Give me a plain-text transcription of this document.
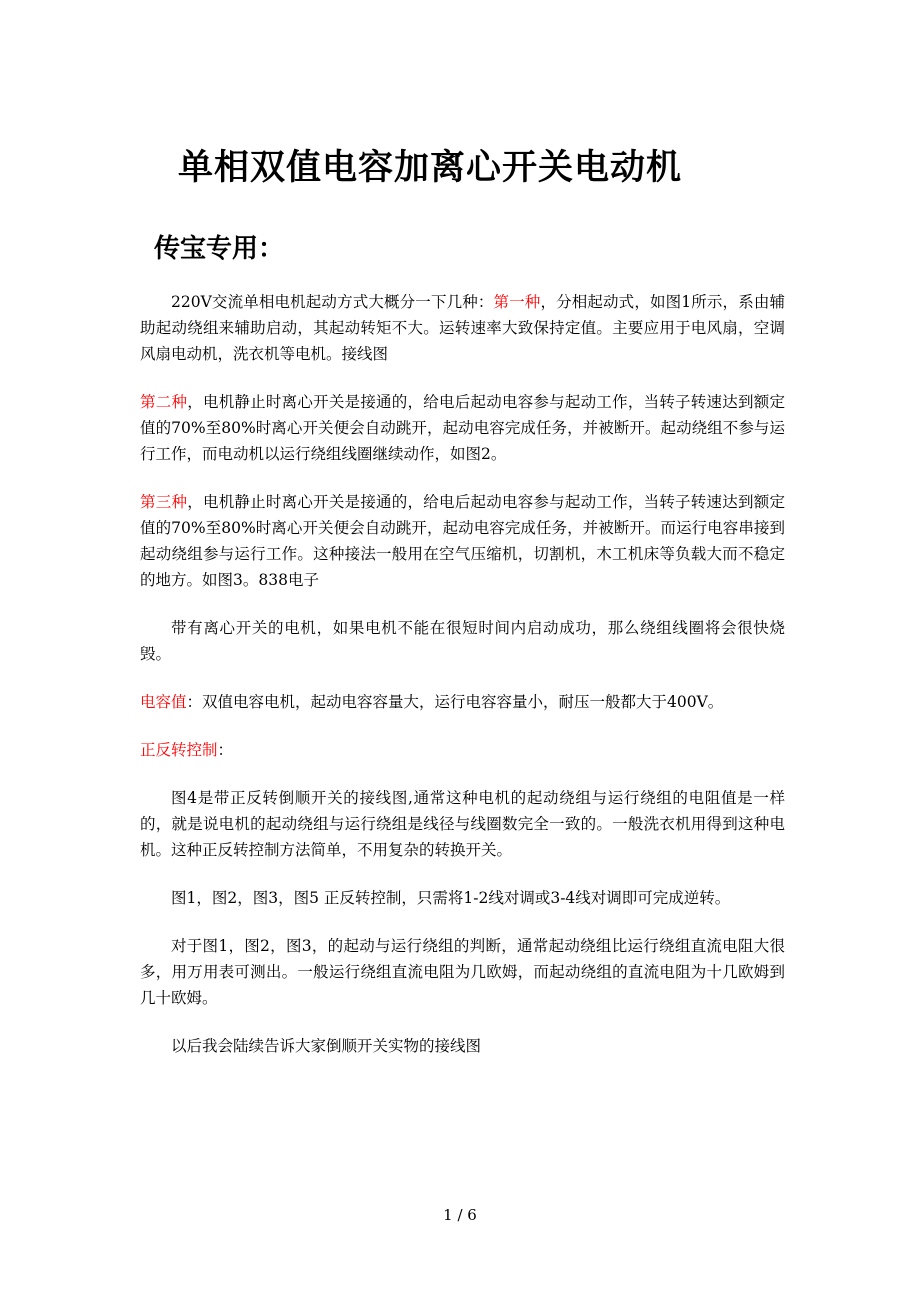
单相双值电容加离心开关电动机
传宝专用：

220V交流单相电机起动方式大概分一下几种：第一种，分相起动式，如图1所示，系由辅助起动绕组来辅助启动，其起动转矩不大。运转速率大致保持定值。主要应用于电风扇，空调风扇电动机，洗衣机等电机。接线图

第二种，电机静止时离心开关是接通的，给电后起动电容参与起动工作，当转子转速达到额定值的70%至80%时离心开关便会自动跳开，起动电容完成任务，并被断开。起动绕组不参与运行工作，而电动机以运行绕组线圈继续动作，如图2。

第三种，电机静止时离心开关是接通的，给电后起动电容参与起动工作，当转子转速达到额定值的70%至80%时离心开关便会自动跳开，起动电容完成任务，并被断开。而运行电容串接到起动绕组参与运行工作。这种接法一般用在空气压缩机，切割机，木工机床等负载大而不稳定的地方。如图3。838电子

带有离心开关的电机，如果电机不能在很短时间内启动成功，那么绕组线圈将会很快烧毁。

电容值：双值电容电机，起动电容容量大，运行电容容量小，耐压一般都大于400V。

正反转控制：

图4是带正反转倒顺开关的接线图,通常这种电机的起动绕组与运行绕组的电阻值是一样的，就是说电机的起动绕组与运行绕组是线径与线圈数完全一致的。一般洗衣机用得到这种电机。这种正反转控制方法简单，不用复杂的转换开关。

图1，图2，图3，图5 正反转控制，只需将1-2线对调或3-4线对调即可完成逆转。

对于图1，图2，图3，的起动与运行绕组的判断，通常起动绕组比运行绕组直流电阻大很多，用万用表可测出。一般运行绕组直流电阻为几欧姆，而起动绕组的直流电阻为十几欧姆到几十欧姆。

以后我会陆续告诉大家倒顺开关实物的接线图

1 / 6
